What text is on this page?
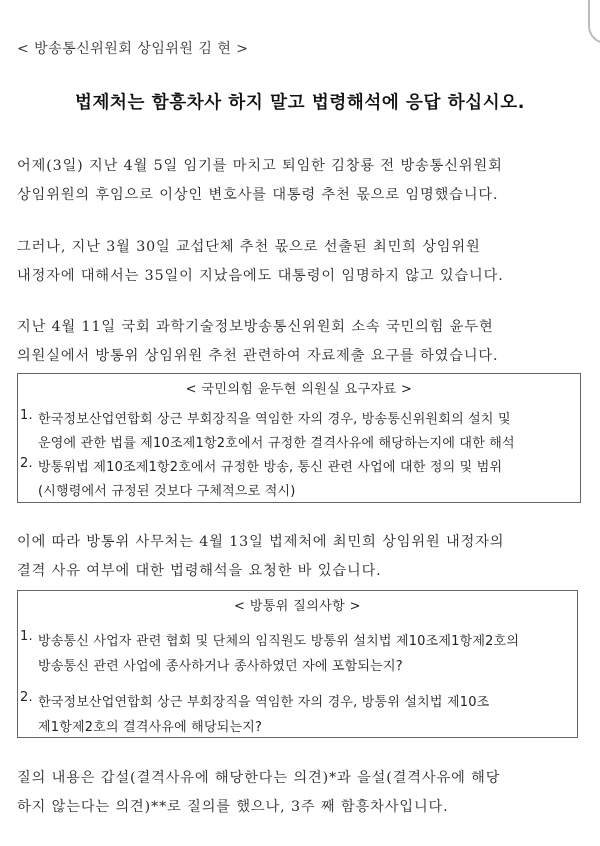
< 방송통신위원회 상임위원 김 현 >
법제처는 함흥차사 하지 말고 법령해석에 응답 하십시오.
어제(3일) 지난 4월 5일 임기를 마치고 퇴임한 김창룡 전 방송통신위원회
상임위원의 후임으로 이상인 변호사를 대통령 추천 몫으로 임명했습니다.
그러나, 지난 3월 30일 교섭단체 추천 몫으로 선출된 최민희 상임위원
내정자에 대해서는 35일이 지났음에도 대통령이 임명하지 않고 있습니다.
지난 4월 11일 국회 과학기술정보방송통신위원회 소속 국민의힘 윤두현
의원실에서 방통위 상임위원 추천 관련하여 자료제출 요구를 하였습니다.
< 국민의힘 윤두현 의원실 요구자료 >
1. 한국정보산업연합회 상근 부회장직을 역임한 자의 경우, 방송통신위원회의 설치 및
운영에 관한 법률 제10조제1항2호에서 규정한 결격사유에 해당하는지에 대한 해석
2. 방통위법 제10조제1항2호에서 규정한 방송, 통신 관련 사업에 대한 정의 및 범위
(시행령에서 규정된 것보다 구체적으로 적시)
이에 따라 방통위 사무처는 4월 13일 법제처에 최민희 상임위원 내정자의
결격 사유 여부에 대한 법령해석을 요청한 바 있습니다.
< 방통위 질의사항 >
1. 방송통신 사업자 관련 협회 및 단체의 임직원도 방통위 설치법 제10조제1항제2호의
방송통신 관련 사업에 종사하거나 종사하였던 자에 포함되는지?
2. 한국정보산업연합회 상근 부회장직을 역임한 자의 경우, 방통위 설치법 제10조
제1항제2호의 결격사유에 해당되는지?
질의 내용은 갑설(결격사유에 해당한다는 의견)*과 을설(결격사유에 해당
하지 않는다는 의견)**로 질의를 했으나, 3주 째 함흥차사입니다.
